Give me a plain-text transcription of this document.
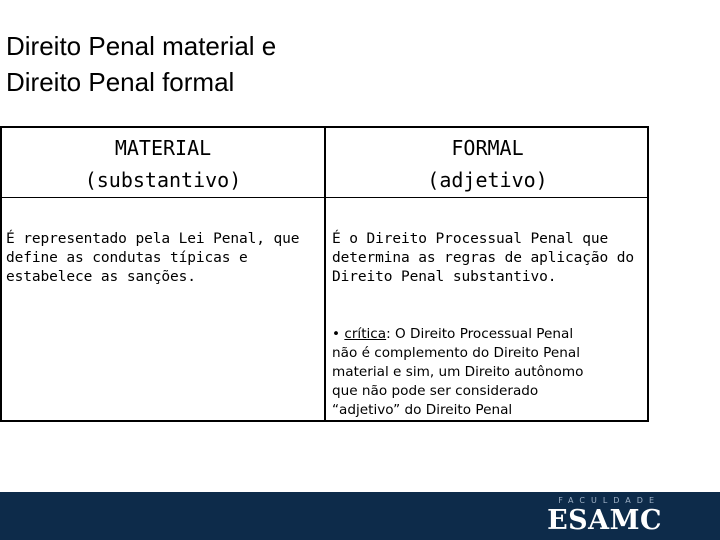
Direito Penal material e
Direito Penal formal
MATERIAL
(substantivo)
FORMAL
(adjetivo)
É representado pela Lei Penal, que define as condutas típicas e estabelece as sanções.
É o Direito Processual Penal que determina as regras de aplicação do Direito Penal substantivo.
• crítica: O Direito Processual Penal
não é complemento do Direito Penal
material e sim, um Direito autônomo
que não pode ser considerado
“adjetivo” do Direito Penal
FACULDADE
ESAMC
